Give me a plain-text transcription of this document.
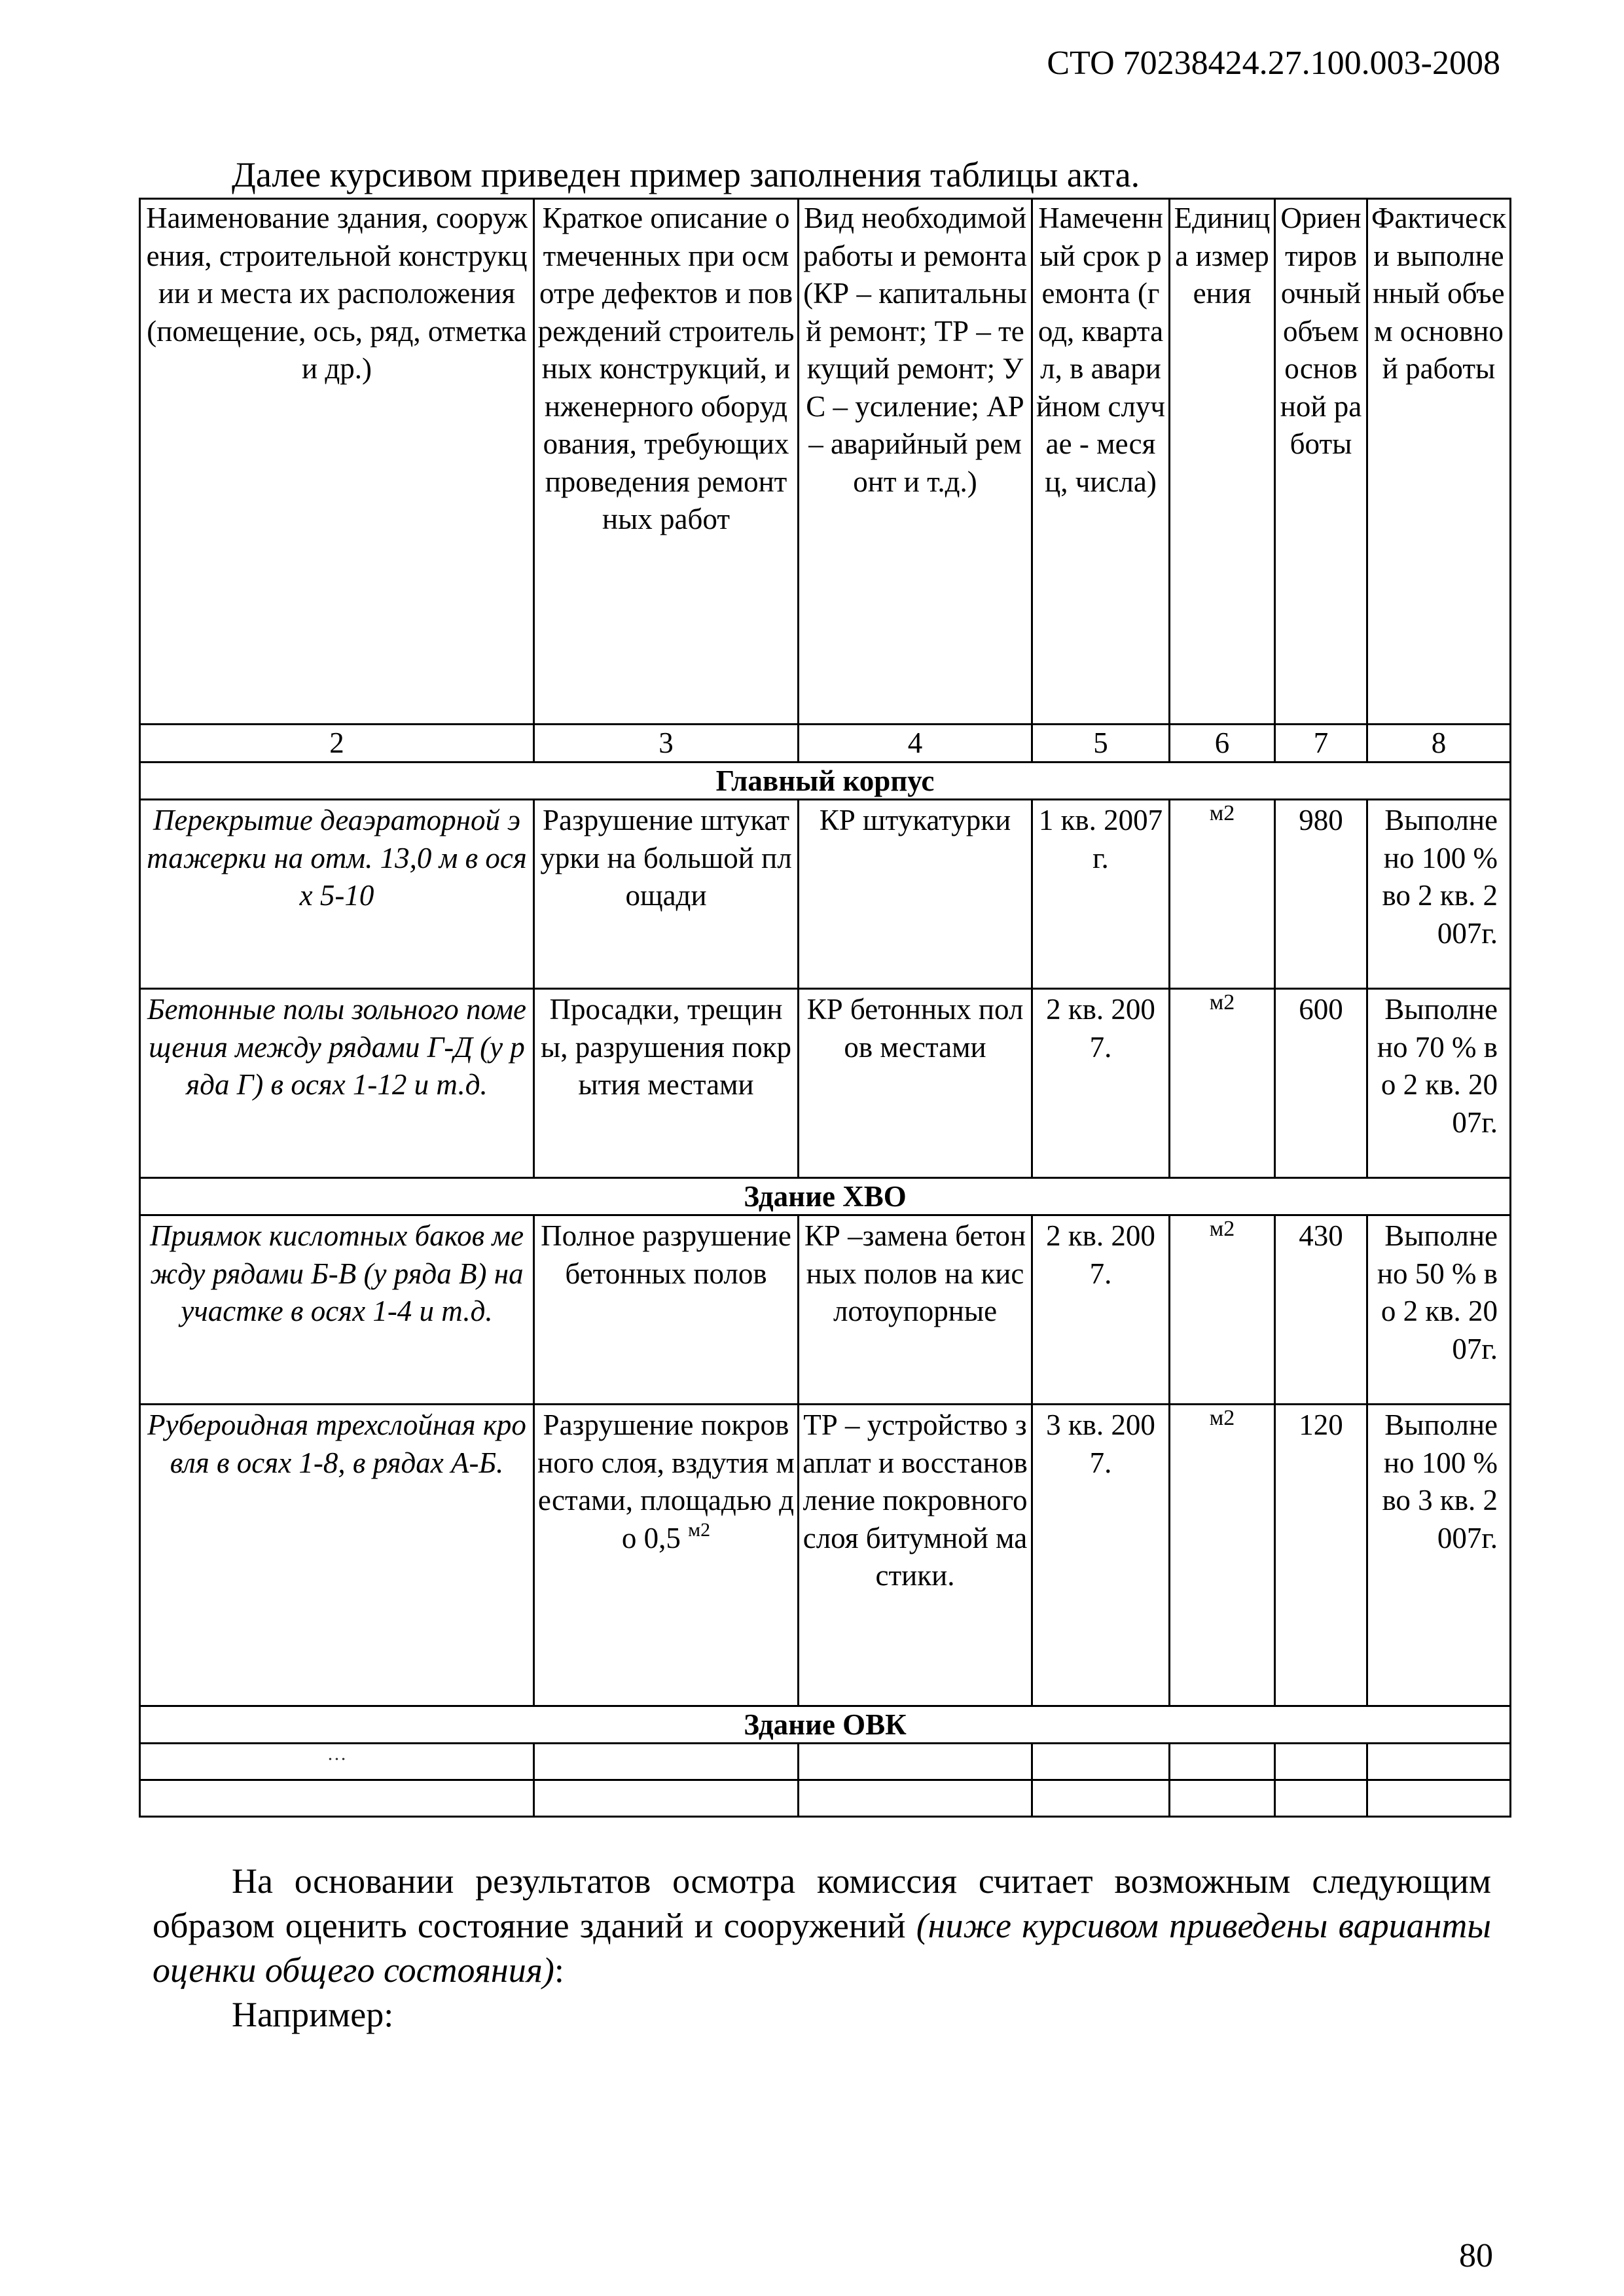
СТО 70238424.27.100.003-2008
Далее курсивом приведен пример заполнения таблицы акта.
Наименование здания, сооружения, строительной конструкции и места их расположения (помещение, ось, ряд, отметка и др.)	Краткое описание отмеченных при осмотре дефектов и повреждений строительных конструкций, инженерного оборудования, требующих проведения ремонтных работ	Вид необходимой работы и ремонта (КР – капитальный ремонт; ТР – текущий ремонт; УС – усиление; АР – аварийный ремонт и т.д.)	Намеченный срок ремонта (год, квартал, в аварийном случае - месяц, числа)	Единица измерения	Ориентировочный объем основной работы	Фактически выполненный объем основной работы
2	3	4	5	6	7	8
Главный корпус						
Перекрытие деаэраторной этажерки на отм. 13,0 м в осях 5-10	Разрушение штукатурки на большой площади	КР штукатурки	1 кв. 2007г.	м2	980	Выполнено 100 % во 2 кв. 2007г.
Бетонные полы зольного помещения между рядами Г-Д (у ряда Г) в осях 1-12 и т.д.	Просадки, трещины, разрушения покрытия местами	КР бетонных полов местами	2 кв. 2007.	м2	600	Выполнено 70 % во 2 кв. 2007г.
Здание ХВО						
Приямок кислотных баков между рядами Б-В (у ряда В) на участке в осях 1-4 и т.д.	Полное разрушение бетонных полов	КР –замена бетонных полов на кислотоупорные	2 кв. 2007.	м2	430	Выполнено 50 % во 2 кв. 2007г.
Рубероидная трехслойная кровля в осях 1-8, в рядах А-Б.	Разрушение покровного слоя, вздутия местами, площадью до 0,5 $^{м2}$	ТР – устройство заплат и восстановление покровного слоя битумной мастики.	3 кв. 2007.	м2	120	Выполнено 100 % во 3 кв. 2007г.
Здание ОВК						
…						

На основании результатов осмотра комиссия считает возможным следующим образом оценить состояние зданий и сооружений (ниже курсивом приведены варианты оценки общего состояния):

Например:

80
